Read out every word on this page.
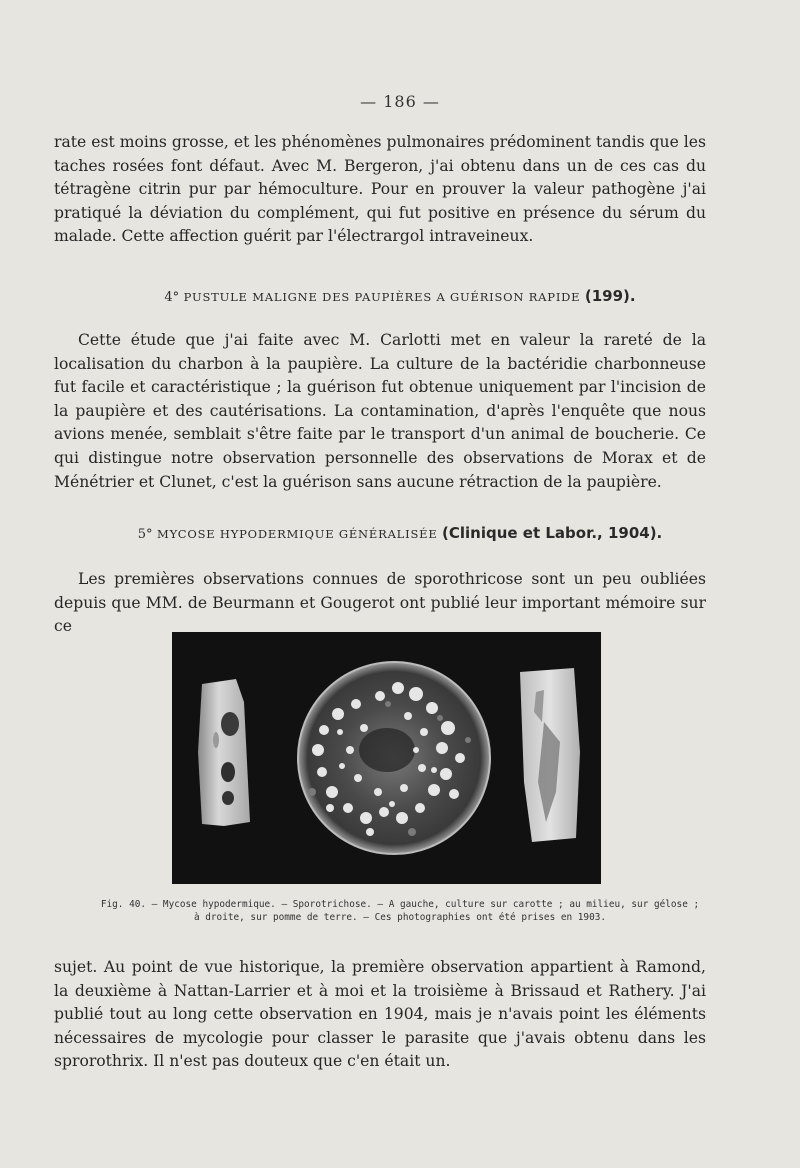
— 186 —

rate est moins grosse, et les phénomènes pulmonaires prédominent tandis que les taches rosées font défaut. Avec M. Bergeron, j'ai obtenu dans un de ces cas du tétragène citrin pur par hémoculture. Pour en prouver la valeur pathogène j'ai pratiqué la déviation du complément, qui fut positive en présence du sérum du malade. Cette affection guérit par l'électrargol intraveineux.

4° PUSTULE MALIGNE DES PAUPIÈRES A GUÉRISON RAPIDE (199).

Cette étude que j'ai faite avec M. Carlotti met en valeur la rareté de la localisation du charbon à la paupière. La culture de la bactéridie charbonneuse fut facile et caractéristique ; la guérison fut obtenue uniquement par l'incision de la paupière et des cautérisations. La contamination, d'après l'enquête que nous avions menée, semblait s'être faite par le transport d'un animal de boucherie. Ce qui distingue notre observation personnelle des observations de Morax et de Ménétrier et Clunet, c'est la guérison sans aucune rétraction de la paupière.

5° MYCOSE HYPODERMIQUE GÉNÉRALISÉE (Clinique et Labor., 1904).

Les premières observations connues de sporothricose sont un peu oubliées depuis que MM. de Beurmann et Gougerot ont publié leur important mémoire sur ce

Fig. 40. — Mycose hypodermique. — Sporotrichose. — A gauche, culture sur carotte ; au milieu, sur gélose ; à droite, sur pomme de terre. — Ces photographies ont été prises en 1903.

sujet. Au point de vue historique, la première observation appartient à Ramond, la deuxième à Nattan-Larrier et à moi et la troisième à Brissaud et Rathery. J'ai publié tout au long cette observation en 1904, mais je n'avais point les éléments nécessaires de mycologie pour classer le parasite que j'avais obtenu dans les sprorothrix. Il n'est pas douteux que c'en était un.
